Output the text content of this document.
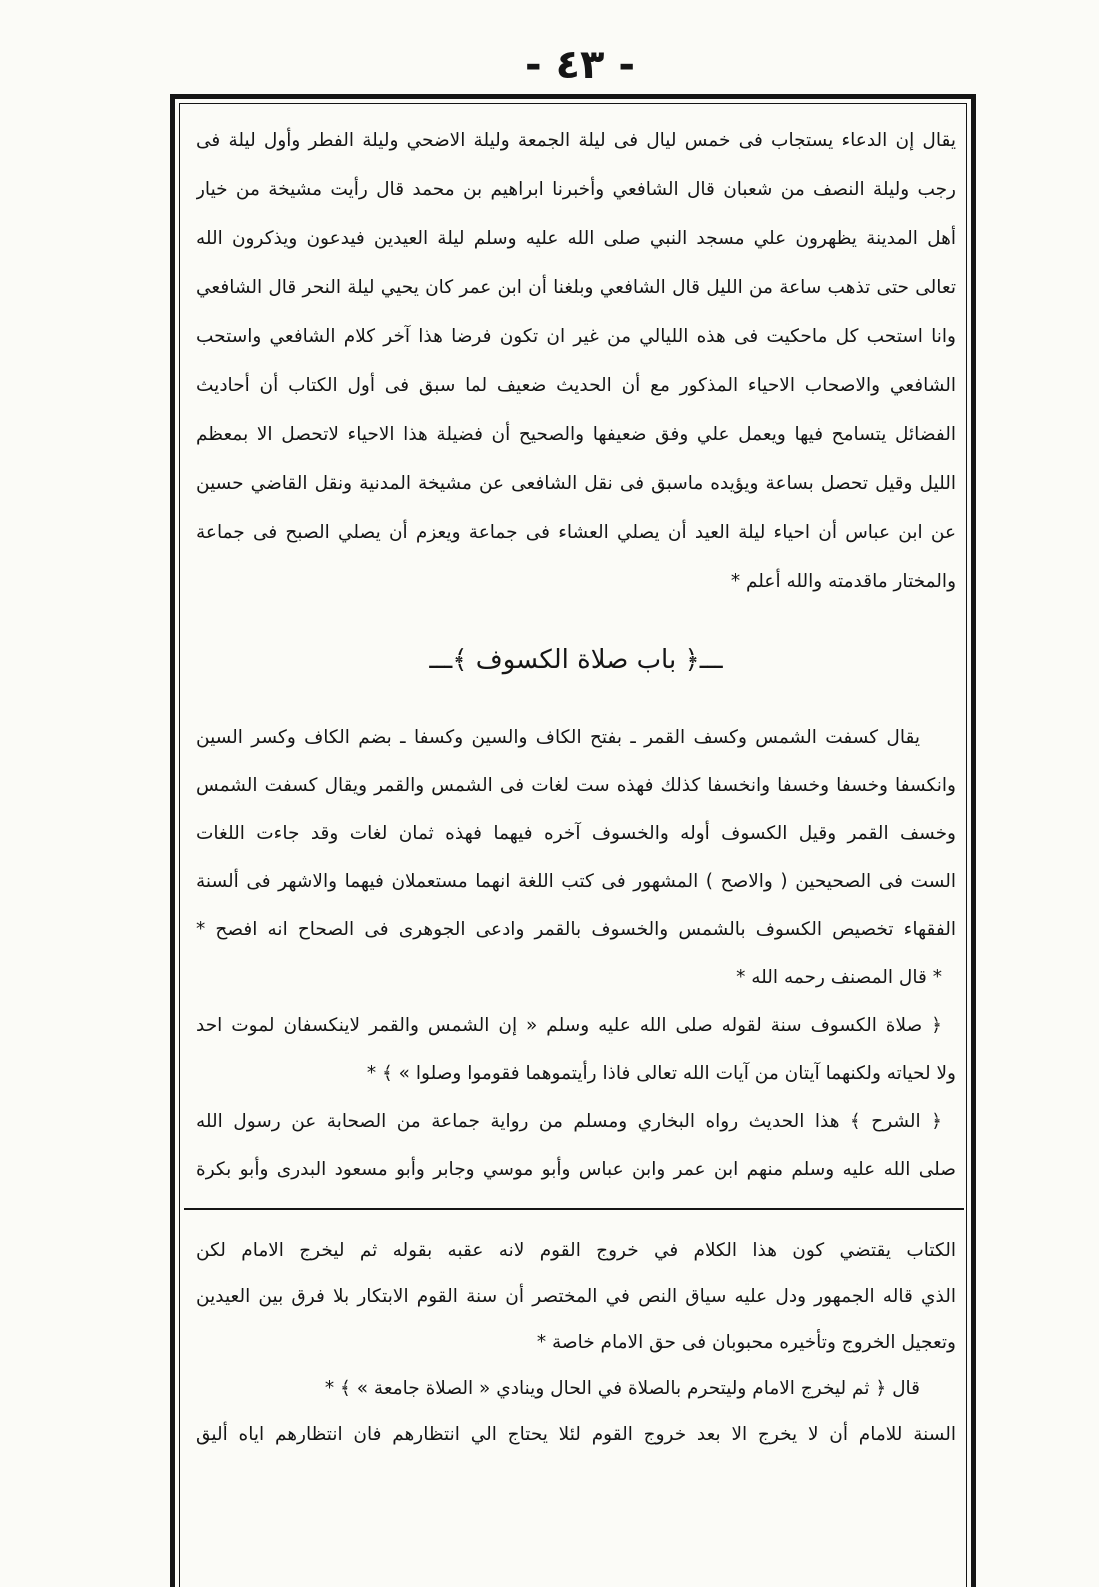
- ٤٣ -
يقال إن الدعاء يستجاب فى خمس ليال فى ليلة الجمعة وليلة الاضحي وليلة الفطر وأول ليلة فى
رجب وليلة النصف من شعبان قال الشافعي وأخبرنا ابراهيم بن محمد قال رأيت مشيخة من خيار
أهل المدينة يظهرون علي مسجد النبي صلى الله عليه وسلم ليلة العيدين فيدعون ويذكرون الله
تعالى حتى تذهب ساعة من الليل قال الشافعي وبلغنا أن ابن عمر كان يحيي ليلة النحر قال الشافعي
وانا استحب كل ماحكيت فى هذه الليالي من غير ان تكون فرضا هذا آخر كلام الشافعي واستحب
الشافعي والاصحاب الاحياء المذكور مع أن الحديث ضعيف لما سبق فى أول الكتاب أن أحاديث
الفضائل يتسامح فيها ويعمل علي وفق ضعيفها والصحيح أن فضيلة هذا الاحياء لاتحصل الا بمعظم
الليل وقيل تحصل بساعة ويؤيده ماسبق فى نقل الشافعى عن مشيخة المدنية ونقل القاضي حسين
عن ابن عباس أن احياء ليلة العيد أن يصلي العشاء فى جماعة ويعزم أن يصلي الصبح فى جماعة
والمختار ماقدمته والله أعلم *
ـــ﴿ باب صلاة الكسوف ﴾ـــ
يقال كسفت الشمس وكسف القمر ـ بفتح الكاف والسين وكسفا ـ بضم الكاف وكسر السين
وانكسفا وخسفا وخسفا وانخسفا كذلك فهذه ست لغات فى الشمس والقمر ويقال كسفت الشمس
وخسف القمر وقيل الكسوف أوله والخسوف آخره فيهما فهذه ثمان لغات وقد جاءت اللغات
الست فى الصحيحين ( والاصح ) المشهور فى كتب اللغة انهما مستعملان فيهما والاشهر فى ألسنة
الفقهاء تخصيص الكسوف بالشمس والخسوف بالقمر وادعى الجوهرى فى الصحاح انه افصح *
* قال المصنف رحمه الله *
﴿ صلاة الكسوف سنة لقوله صلى الله عليه وسلم « إن الشمس والقمر لاينكسفان لموت احد
ولا لحياته ولكنهما آيتان من آيات الله تعالى فاذا رأيتموهما فقوموا وصلوا » ﴾ *
﴿ الشرح ﴾ هذا الحديث رواه البخاري ومسلم من رواية جماعة من الصحابة عن رسول الله
صلى الله عليه وسلم منهم ابن عمر وابن عباس وأبو موسي وجابر وأبو مسعود البدرى وأبو بكرة
الكتاب يقتضي كون هذا الكلام في خروج القوم لانه عقبه بقوله ثم ليخرج الامام لكن
الذي قاله الجمهور ودل عليه سياق النص في المختصر أن سنة القوم الابتكار بلا فرق بين العيدين
وتعجيل الخروج وتأخيره محبوبان فى حق الامام خاصة *
قال ﴿ ثم ليخرج الامام وليتحرم بالصلاة في الحال وينادي « الصلاة جامعة » ﴾ *
السنة للامام أن لا يخرج الا بعد خروج القوم لئلا يحتاج الي انتظارهم فان انتظارهم اياه أليق
